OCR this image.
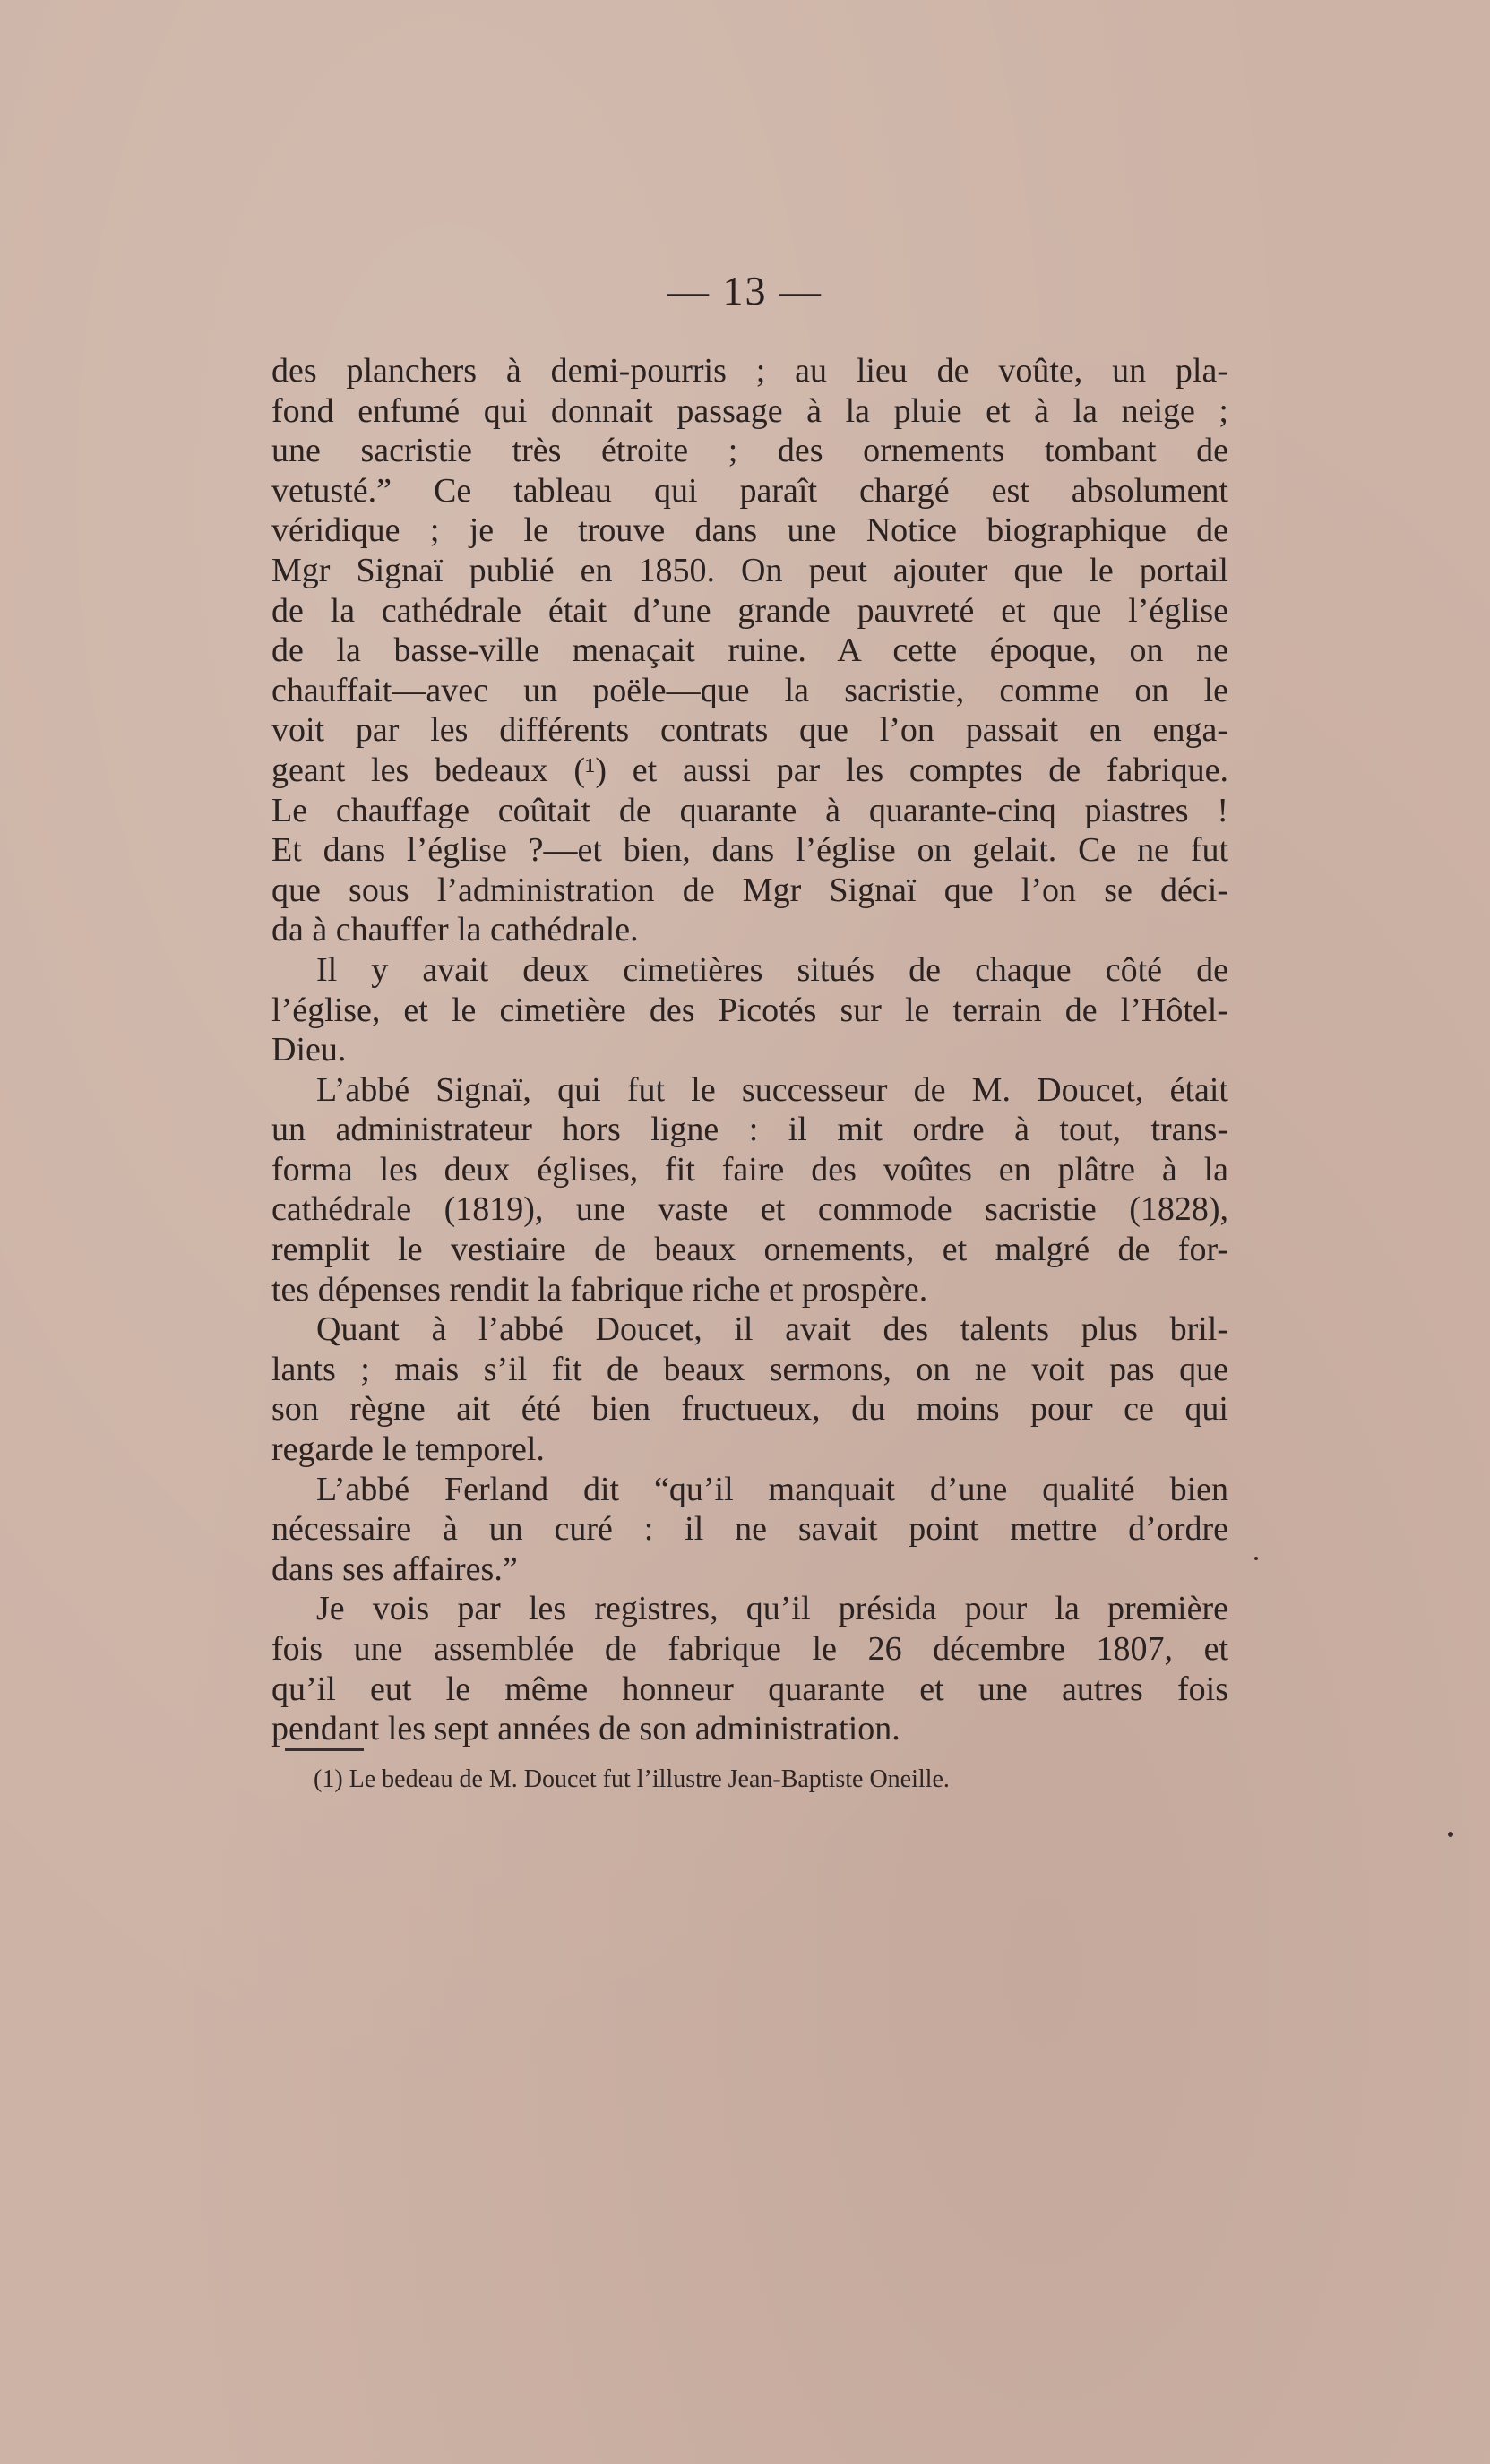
— 13 —
des planchers à demi-pourris ; au lieu de voûte, un pla-
fond enfumé qui donnait passage à la pluie et à la neige ;
une sacristie très étroite ; des ornements tombant de
vetusté.” Ce tableau qui paraît chargé est absolument
véridique ; je le trouve dans une Notice biographique de
Mgr Signaï publié en 1850. On peut ajouter que le portail
de la cathédrale était d’une grande pauvreté et que l’église
de la basse-ville menaçait ruine. A cette époque, on ne
chauffait—avec un poële—que la sacristie, comme on le
voit par les différents contrats que l’on passait en enga-
geant les bedeaux (¹) et aussi par les comptes de fabrique.
Le chauffage coûtait de quarante à quarante-cinq piastres !
Et dans l’église ?—et bien, dans l’église on gelait. Ce ne fut
que sous l’administration de Mgr Signaï que l’on se déci-
da à chauffer la cathédrale.
Il y avait deux cimetières situés de chaque côté de
l’église, et le cimetière des Picotés sur le terrain de l’Hôtel-
Dieu.
L’abbé Signaï, qui fut le successeur de M. Doucet, était
un administrateur hors ligne : il mit ordre à tout, trans-
forma les deux églises, fit faire des voûtes en plâtre à la
cathédrale (1819), une vaste et commode sacristie (1828),
remplit le vestiaire de beaux ornements, et malgré de for-
tes dépenses rendit la fabrique riche et prospère.
Quant à l’abbé Doucet, il avait des talents plus bril-
lants ; mais s’il fit de beaux sermons, on ne voit pas que
son règne ait été bien fructueux, du moins pour ce qui
regarde le temporel.
L’abbé Ferland dit “qu’il manquait d’une qualité bien
nécessaire à un curé : il ne savait point mettre d’ordre
dans ses affaires.”
Je vois par les registres, qu’il présida pour la première
fois une assemblée de fabrique le 26 décembre 1807, et
qu’il eut le même honneur quarante et une autres fois
pendant les sept années de son administration.
(1) Le bedeau de M. Doucet fut l’illustre Jean-Baptiste Oneille.
